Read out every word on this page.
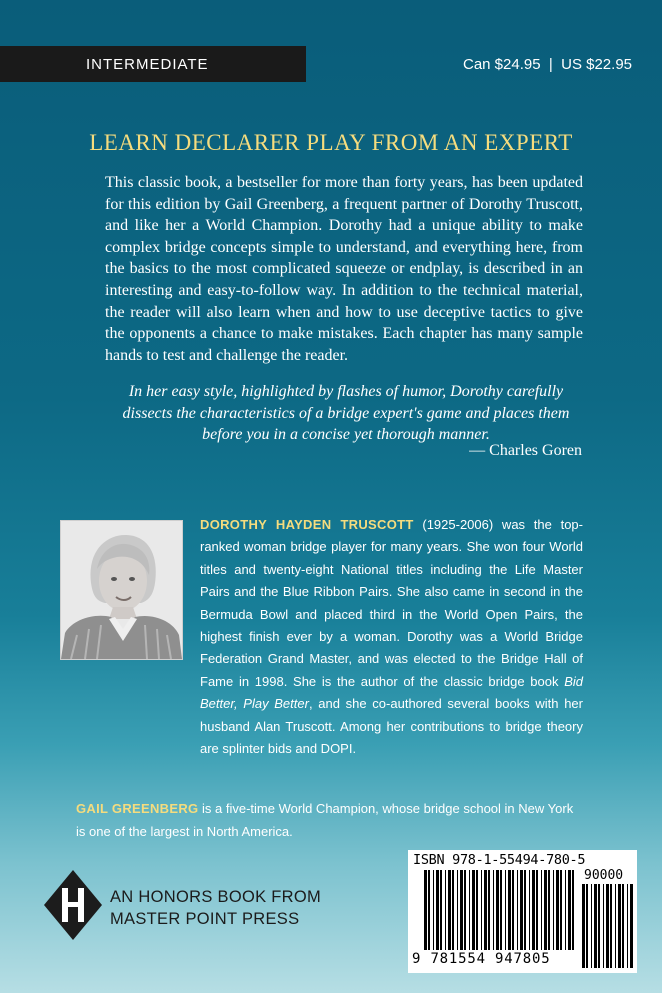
INTERMEDIATE	Can $24.95  |  US $22.95
LEARN DECLARER PLAY FROM AN EXPERT
This classic book, a bestseller for more than forty years, has been updated for this edition by Gail Greenberg, a frequent partner of Dorothy Truscott, and like her a World Champion. Dorothy had a unique ability to make complex bridge concepts simple to understand, and everything here, from the basics to the most complicated squeeze or endplay, is described in an interesting and easy-to-follow way. In addition to the technical material, the reader will also learn when and how to use deceptive tactics to give the opponents a chance to make mistakes. Each chapter has many sample hands to test and challenge the reader.
In her easy style, highlighted by flashes of humor, Dorothy carefully dissects the characteristics of a bridge expert's game and places them before you in a concise yet thorough manner.
— Charles Goren
DOROTHY HAYDEN TRUSCOTT (1925-2006) was the top-ranked woman bridge player for many years. She won four World titles and twenty-eight National titles including the Life Master Pairs and the Blue Ribbon Pairs. She also came in second in the Bermuda Bowl and placed third in the World Open Pairs, the highest finish ever by a woman. Dorothy was a World Bridge Federation Grand Master, and was elected to the Bridge Hall of Fame in 1998. She is the author of the classic bridge book Bid Better, Play Better, and she co-authored several books with her husband Alan Truscott. Among her contributions to bridge theory are splinter bids and DOPI.
GAIL GREENBERG is a five-time World Champion, whose bridge school in New York is one of the largest in North America.
AN HONORS BOOK FROM
MASTER POINT PRESS
ISBN 978-1-55494-780-5
90000
9 781554 947805
